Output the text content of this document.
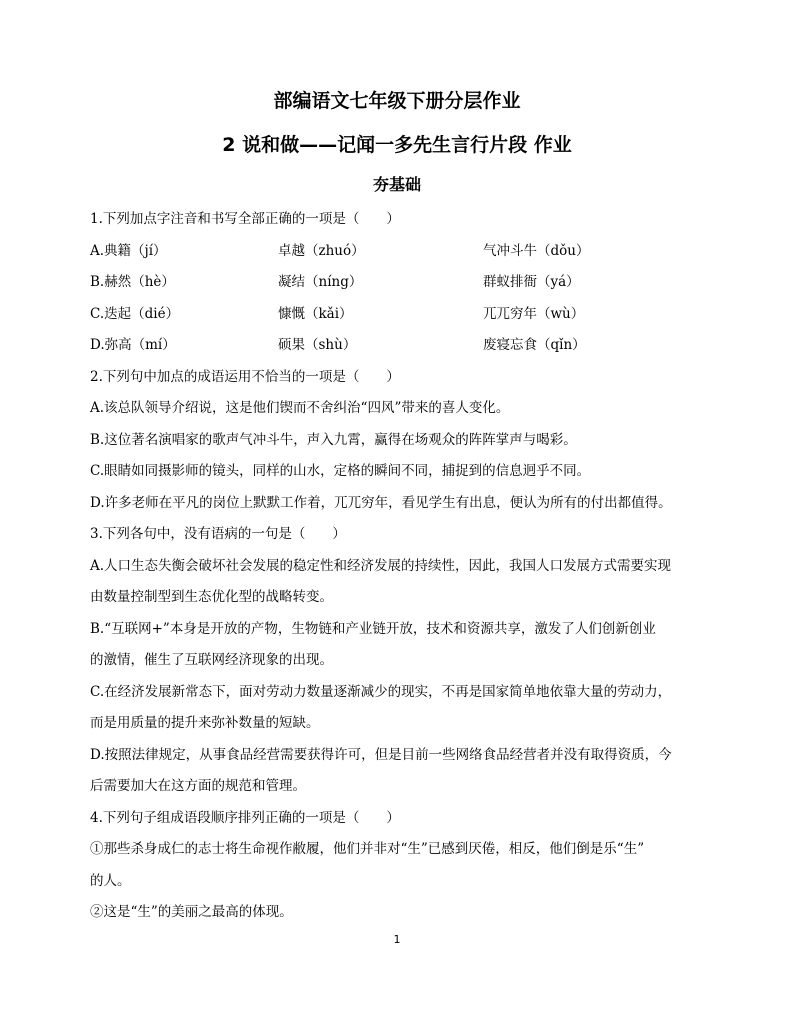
部编语文七年级下册分层作业
2 说和做——记闻一多先生言行片段 作业
夯基础
1.下列加点字注音和书写全部正确的一项是（　　）
A.典籍（jí）	卓越（zhuó）	气冲斗牛（dǒu）
B.赫然（hè）	凝结（níng）	群蚁排衙（yá）
C.迭起（dié）	慷慨（kǎi）	兀兀穷年（wù）
D.弥高（mí）	硕果（shù）	废寝忘食（qǐn）
2.下列句中加点的成语运用不恰当的一项是（　　）
A.该总队领导介绍说，这是他们锲而不舍纠治“四风”带来的喜人变化。
B.这位著名演唱家的歌声气冲斗牛，声入九霄，赢得在场观众的阵阵掌声与喝彩。
C.眼睛如同摄影师的镜头，同样的山水，定格的瞬间不同，捕捉到的信息迥乎不同。
D.许多老师在平凡的岗位上默默工作着，兀兀穷年，看见学生有出息，便认为所有的付出都值得。
3.下列各句中，没有语病的一句是（　　）
A.人口生态失衡会破坏社会发展的稳定性和经济发展的持续性，因此，我国人口发展方式需要实现
由数量控制型到生态优化型的战略转变。
B.“互联网+”本身是开放的产物，生物链和产业链开放，技术和资源共享，激发了人们创新创业
的激情，催生了互联网经济现象的出现。
C.在经济发展新常态下，面对劳动力数量逐渐减少的现实，不再是国家简单地依靠大量的劳动力，
而是用质量的提升来弥补数量的短缺。
D.按照法律规定，从事食品经营需要获得许可，但是目前一些网络食品经营者并没有取得资质，今
后需要加大在这方面的规范和管理。
4.下列句子组成语段顺序排列正确的一项是（　　）
①那些杀身成仁的志士将生命视作敝履，他们并非对“生”已感到厌倦，相反，他们倒是乐“生”
的人。
②这是“生”的美丽之最高的体现。
1
